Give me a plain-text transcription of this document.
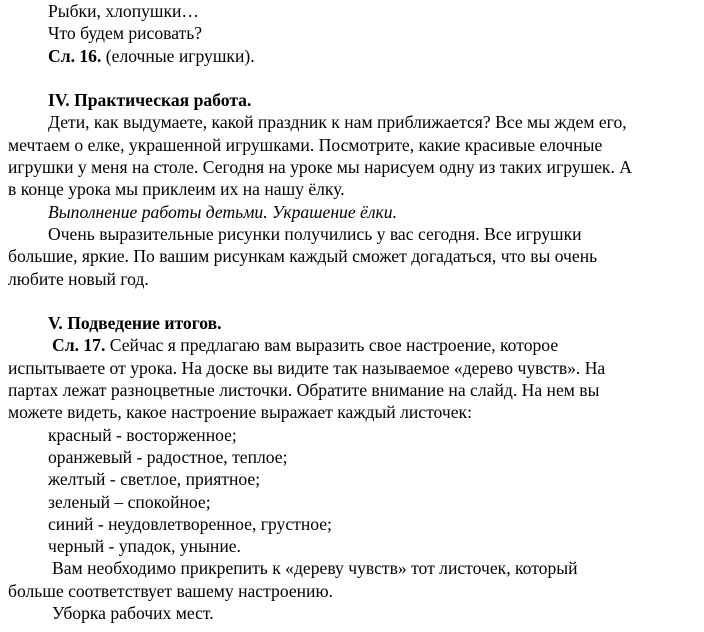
Рыбки, хлопушки…

Что будем рисовать?

Сл. 16. (елочные игрушки).

IV. Практическая работа.

Дети, как выдумаете, какой праздник к нам приближается? Все мы ждем его,

мечтаем о елке, украшенной игрушками. Посмотрите, какие красивые елочные

игрушки у меня на столе. Сегодня на уроке мы нарисуем одну из таких игрушек. А

в конце урока мы приклеим их на нашу ёлку.

Выполнение работы детьми. Украшение ёлки.

Очень выразительные рисунки получились у вас сегодня. Все игрушки

большие, яркие. По вашим рисункам каждый сможет догадаться, что вы очень

любите новый год.

V. Подведение итогов.

Сл. 17. Сейчас я предлагаю вам выразить свое настроение, которое

испытываете от урока. На доске вы видите так называемое «дерево чувств». На

партах лежат разноцветные листочки. Обратите внимание на слайд. На нем вы

можете видеть, какое настроение выражает каждый листочек:

красный - восторженное;

оранжевый - радостное, теплое;

желтый - светлое, приятное;

зеленый – спокойное;

синий - неудовлетворенное, грустное;

черный - упадок, уныние.

Вам необходимо прикрепить к «дереву чувств» тот листочек, который

больше соответствует вашему настроению.

Уборка рабочих мест.
